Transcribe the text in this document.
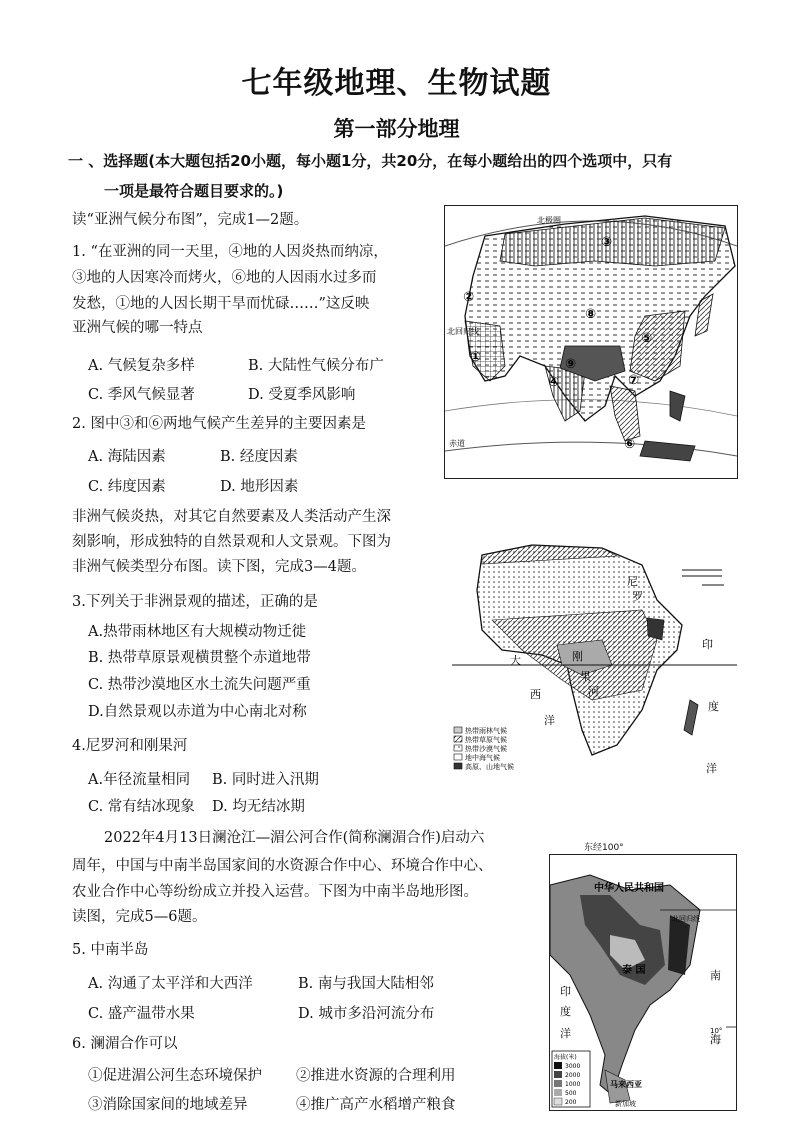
七年级地理、生物试题
第一部分地理
一 、选择题(本大题包括20小题，每小题1分，共20分，在每小题给出的四个选项中，只有
一项是最符合题目要求的。)
读“亚洲气候分布图”，完成1—2题。
1. “在亚洲的同一天里，④地的人因炎热而纳凉，
③地的人因寒冷而烤火，⑥地的人因雨水过多而
发愁，①地的人因长期干旱而忧碌……”这反映
亚洲气候的哪一特点
A. 气候复杂多样	B. 大陆性气候分布广
C. 季风气候显著	D. 受夏季风影响
2. 图中③和⑥两地气候产生差异的主要因素是
A. 海陆因素	B. 经度因素
C. 纬度因素	D. 地形因素
非洲气候炎热，对其它自然要素及人类活动产生深
刻影响，形成独特的自然景观和人文景观。下图为
非洲气候类型分布图。读下图，完成3—4题。
3.下列关于非洲景观的描述，正确的是
A.热带雨林地区有大规模动物迁徙
B. 热带草原景观横贯整个赤道地带
C. 热带沙漠地区水土流失问题严重
D.自然景观以赤道为中心南北对称
4.尼罗河和刚果河
A.年径流量相同 B. 同时进入汛期
C. 常有结冰现象 D. 均无结冰期
2022年4月13日澜沧江—湄公河合作(简称澜湄合作)启动六
周年，中国与中南半岛国家间的水资源合作中心、环境合作中心、
农业合作中心等纷纷成立并投入运营。下图为中南半岛地形图。
读图，完成5—6题。
5. 中南半岛
A. 沟通了太平洋和大西洋	B. 南与我国大陆相邻
C. 盛产温带水果	D. 城市多沿河流分布
6. 澜湄合作可以
①促进湄公河生态环境保护 ②推进水资源的合理利用
③消除国家间的地域差异	④推广高产水稻增产粮食
北极圈
北回归线
赤道
①
②
③
④
⑤
⑥
⑦
⑧
⑨
大
西
洋
印
度
洋
刚
果
河
尼
罗
热带雨林气候
热带草原气候
热带沙漠气候
地中海气候
高原、山地气候
东经100°
中华人民共和国
北回归线
泰 国	南
海
印
度
洋	10°
马来西亚
新加坡
海拔(米)
3000
2000
1000
500
200
